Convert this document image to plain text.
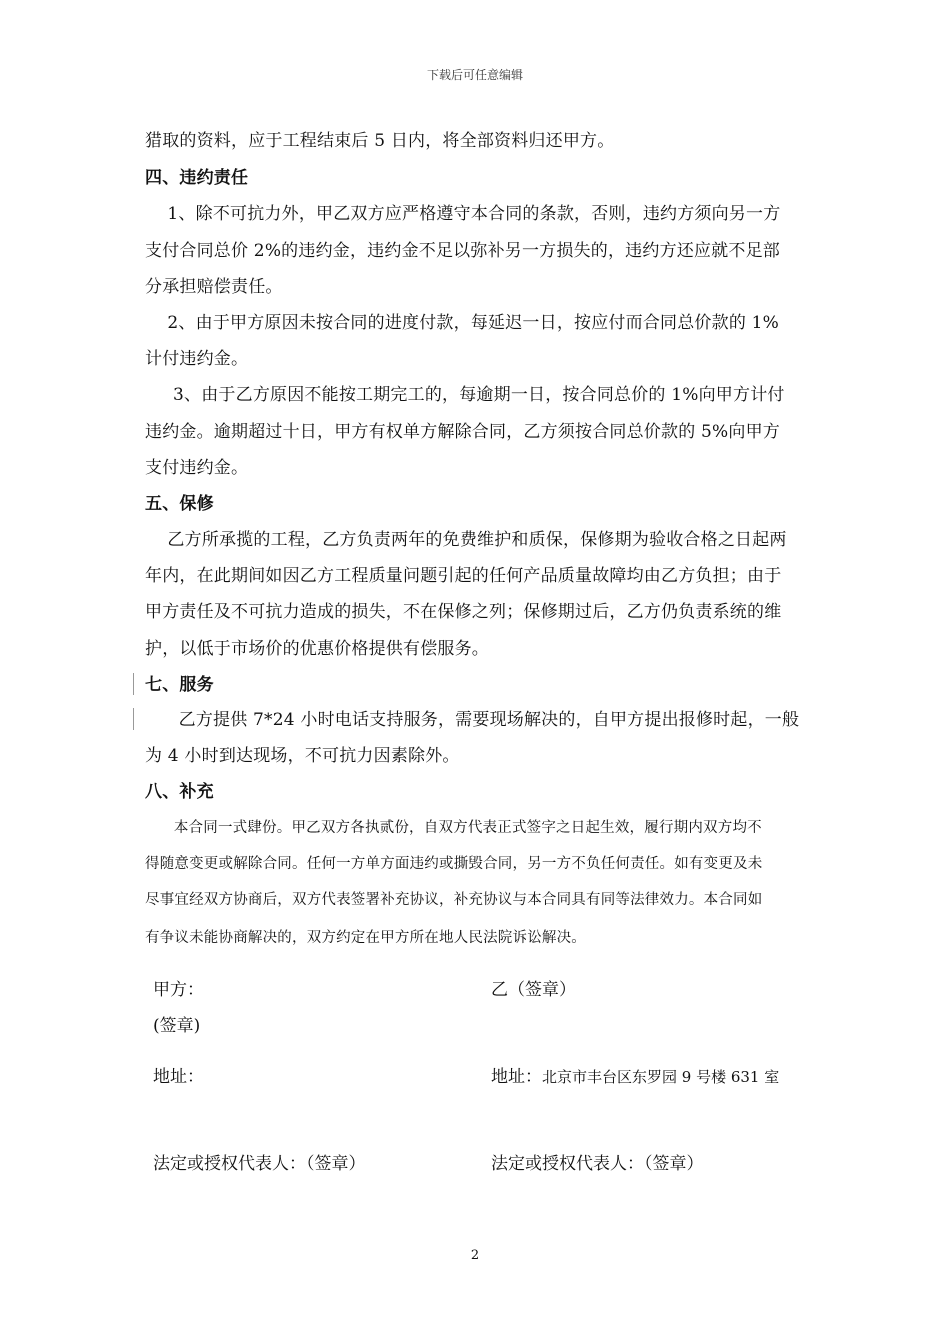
下载后可任意编辑
猎取的资料，应于工程结束后 5 日内，将全部资料归还甲方。
四、违约责任
1、除不可抗力外，甲乙双方应严格遵守本合同的条款，否则，违约方须向另一方
支付合同总价 2%的违约金，违约金不足以弥补另一方损失的，违约方还应就不足部
分承担赔偿责任。
2、由于甲方原因未按合同的进度付款，每延迟一日，按应付而合同总价款的 1%
计付违约金。
3、由于乙方原因不能按工期完工的，每逾期一日，按合同总价的 1%向甲方计付
违约金。逾期超过十日，甲方有权单方解除合同，乙方须按合同总价款的 5%向甲方
支付违约金。
五、保修
乙方所承揽的工程，乙方负责两年的免费维护和质保，保修期为验收合格之日起两
年内，在此期间如因乙方工程质量问题引起的任何产品质量故障均由乙方负担；由于
甲方责任及不可抗力造成的损失，不在保修之列；保修期过后，乙方仍负责系统的维
护，以低于市场价的优惠价格提供有偿服务。
七、服务
乙方提供 7*24 小时电话支持服务，需要现场解决的，自甲方提出报修时起，一般
为 4 小时到达现场，不可抗力因素除外。
八、补充
本合同一式肆份。甲乙双方各执贰份，自双方代表正式签字之日起生效，履行期内双方均不
得随意变更或解除合同。任何一方单方面违约或撕毁合同，另一方不负任何责任。如有变更及未
尽事宜经双方协商后，双方代表签署补充协议，补充协议与本合同具有同等法律效力。本合同如
有争议未能协商解决的，双方约定在甲方所在地人民法院诉讼解决。
甲方：
(签章)
乙（签章）
地址：	地址：北京市丰台区东罗园 9 号楼 631 室
法定或授权代表人：（签章）	法定或授权代表人：（签章）
2
